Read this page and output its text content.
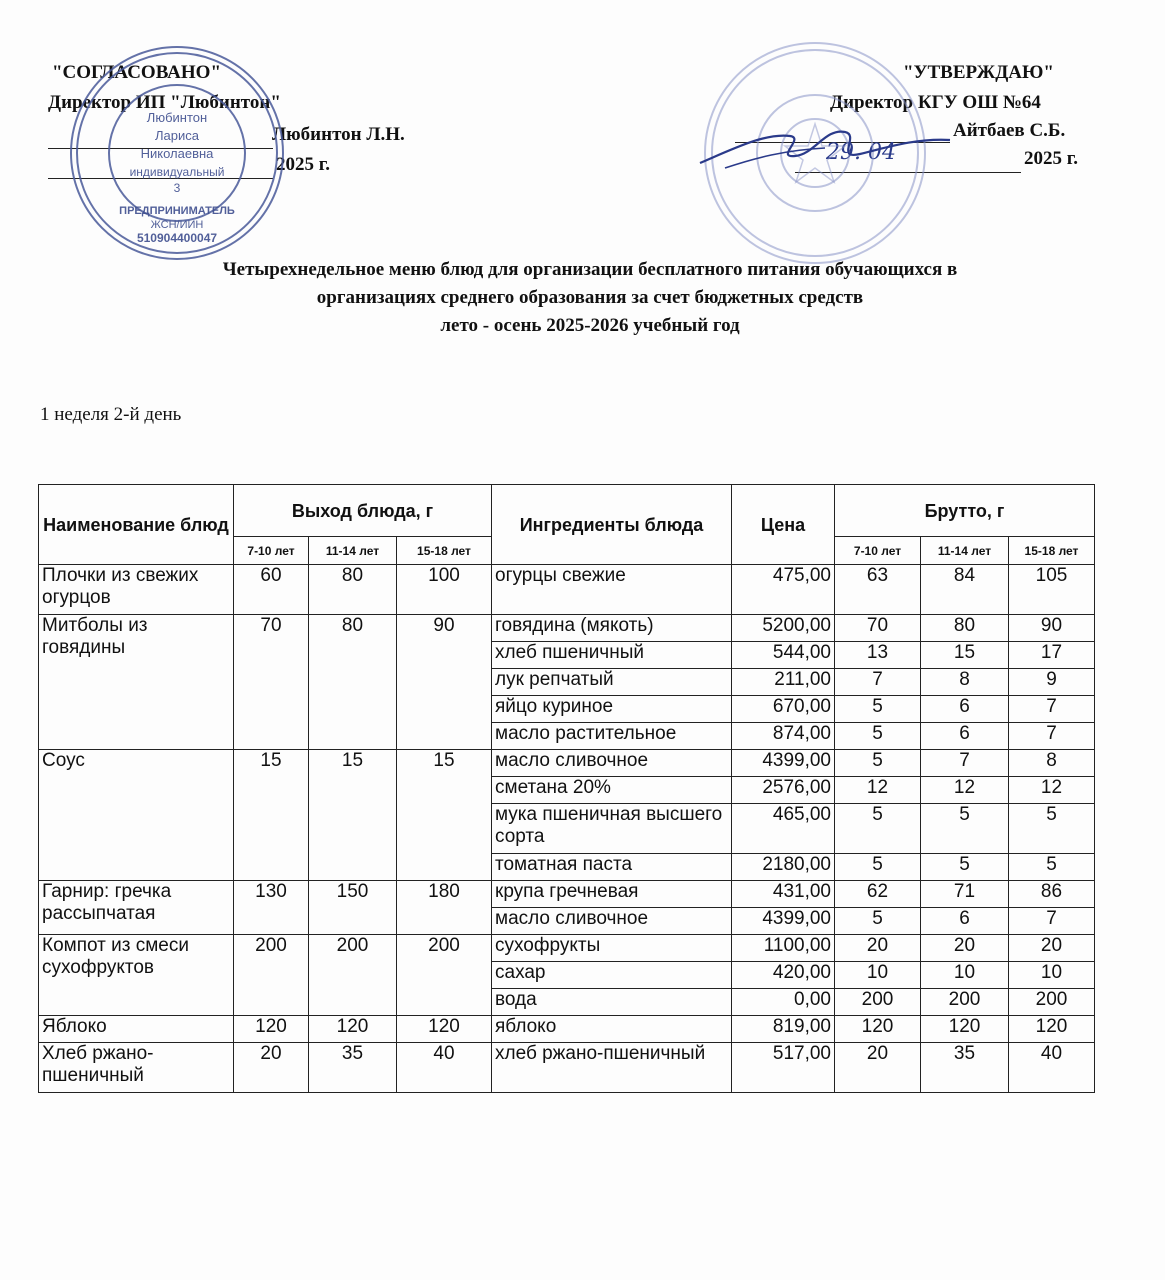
"СОГЛАСОВАНО"
Директор ИП "Любинтон"
Любинтон Л.Н.
2025 г.
Любинтон
Лариса
Николаевна
индивидуальный
3
ПРЕДПРИНИМАТЕЛЬ
ЖСН/ИИН
510904400047
"УТВЕРЖДАЮ"
Директор КГУ ОШ №64
Айтбаев С.Б.
29. 04	2025 г.
Четырехнедельное меню блюд для организации бесплатного питания обучающихся в
организациях среднего образования за счет бюджетных средств
лето - осень 2025-2026 учебный год
1 неделя 2-й день
Наименование блюд	Выход блюда, г			Ингредиенты блюда	Цена	Брутто, г		
	7-10 лет	11-14 лет	15-18 лет			7-10 лет	11-14 лет	15-18 лет
Плочки из свежих огурцов	60	80	100	огурцы свежие	475,00	63	84	105
Митболы из говядины	70	80	90	говядина (мякоть)	5200,00	70	80	90
				хлеб пшеничный	544,00	13	15	17
				лук репчатый	211,00	7	8	9
				яйцо куриное	670,00	5	6	7
				масло растительное	874,00	5	6	7
Соус	15	15	15	масло сливочное	4399,00	5	7	8
				сметана 20%	2576,00	12	12	12
				мука пшеничная высшего сорта	465,00	5	5	5
				томатная паста	2180,00	5	5	5
Гарнир: гречка рассыпчатая	130	150	180	крупа гречневая	431,00	62	71	86
				масло сливочное	4399,00	5	6	7
Компот из смеси сухофруктов	200	200	200	сухофрукты	1100,00	20	20	20
				сахар	420,00	10	10	10
				вода	0,00	200	200	200
Яблоко	120	120	120	яблоко	819,00	120	120	120
Хлеб ржано-пшеничный	20	35	40	хлеб ржано-пшеничный	517,00	20	35	40
